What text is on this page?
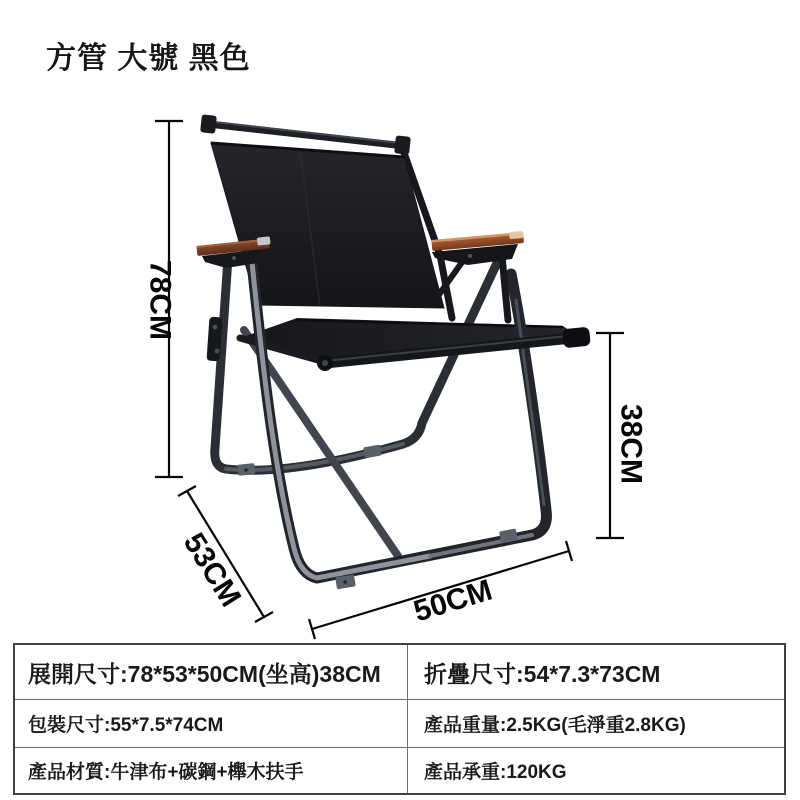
方管 大號 黑色
78CM
38CM
53CM	50CM
展開尺寸:78*53*50CM(坐高)38CM	折疊尺寸:54*7.3*73CM
包裝尺寸:55*7.5*74CM	產品重量:2.5KG(毛淨重2.8KG)
產品材質:牛津布+碳鋼+櫸木扶手	產品承重:120KG
